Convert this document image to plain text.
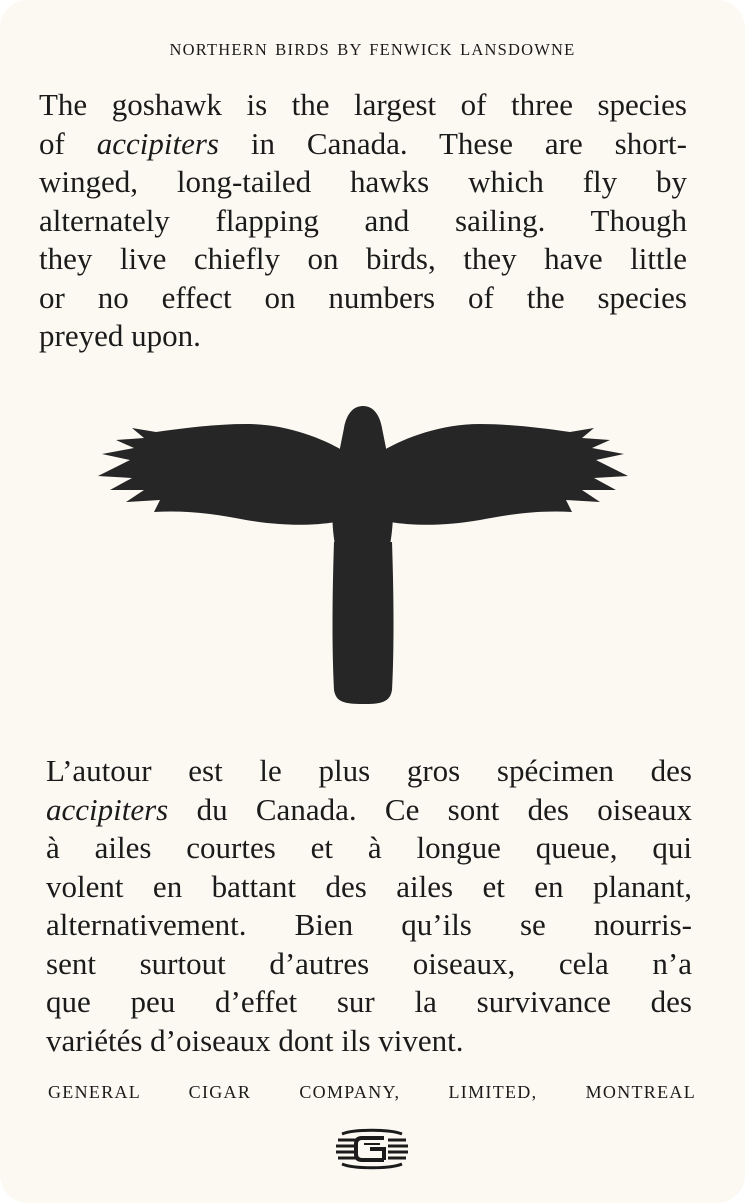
NORTHERN BIRDS BY FENWICK LANSDOWNE
The goshawk is the largest of three species
of accipiters in Canada. These are short-
winged, long-tailed hawks which fly by
alternately flapping and sailing. Though
they live chiefly on birds, they have little
or no effect on numbers of the species
preyed upon.
L’autour est le plus gros spécimen des
accipiters du Canada. Ce sont des oiseaux
à ailes courtes et à longue queue, qui
volent en battant des ailes et en planant,
alternativement. Bien qu’ils se nourris-
sent surtout d’autres oiseaux, cela n’a
que peu d’effet sur la survivance des
variétés d’oiseaux dont ils vivent.
GENERAL CIGAR COMPANY, LIMITED, MONTREAL
